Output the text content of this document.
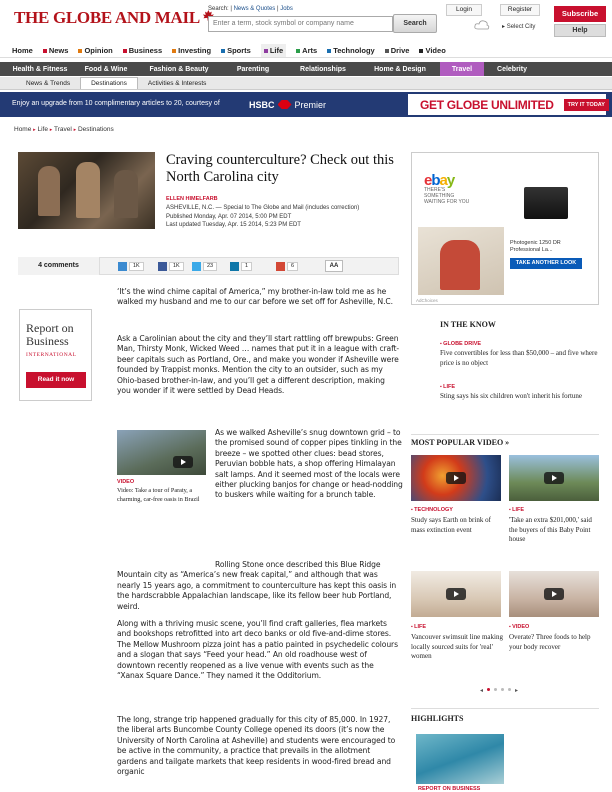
THE GLOBE AND MAIL	Search: | News & Quotes | Jobs
Enter a term, stock symbol or company name	Search
Login	Register
▸ Select City
Subscribe
Help
Home News Opinion Business Investing Sports	Life	Arts Technology Drive Video
Health & Fitness	Food & Wine	Fashion & Beauty	Parenting	Relationships	Home & Design	Travel	Celebrity
News & Trends	Destinations	Activities & Interests
Enjoy an upgrade from 10 complimentary articles to 20, courtesy of	HSBC Premier	GET GLOBE UNLIMITED	TRY IT TODAY
Home ▸ Life ▸ Travel ▸ Destinations
Craving counterculture? Check out this North Carolina city
ELLEN HIMELFARB
ASHEVILLE, N.C. — Special to The Globe and Mail (includes correction)
Published Monday, Apr. 07 2014, 5:00 PM EDT
Last updated Tuesday, Apr. 15 2014, 5:23 PM EDT
4 comments	1K	1K	23	1	6	AA
Report on Business
INTERNATIONAL
Read it now
‘It’s the wind chime capital of America,” my brother-in-law told me as he walked my husband and me to our car before we set off for Asheville, N.C.
Ask a Carolinian about the city and they’ll start rattling off brewpubs: Green Man, Thirsty Monk, Wicked Weed … names that put it in a league with craft-beer capitals such as Portland, Ore., and make you wonder if Asheville were founded by Trappist monks. Mention the city to an outsider, such as my Ohio-based brother-in-law, and you’ll get a different description, making you wonder if it were settled by Dead Heads.
As we walked Asheville’s snug downtown grid – to the promised sound of copper pipes tinkling in the breeze – we spotted other clues: bead stores, Peruvian bobble hats, a shop offering Himalayan salt lamps. And it seemed most of the locals were either plucking banjos for change or head-nodding to buskers while waiting for a brunch table.
Rolling Stone once described this Blue Ridge Mountain city as “America’s new freak capital,” and although that was nearly 15 years ago, a commitment to counterculture has kept this oasis in the hardscrabble Appalachian landscape, like its fellow beer hub Portland, weird.
Along with a thriving music scene, you’ll find craft galleries, flea markets and bookshops retrofitted into art deco banks or old five-and-dime stores. The Mellow Mushroom pizza joint has a patio painted in psychedelic colours and a slogan that says “Feed your head.” An old roadhouse west of downtown recently reopened as a live venue with events such as the “Xanax Square Dance.” They named it the Odditorium.
The long, strange trip happened gradually for this city of 85,000. In 1927, the liberal arts Buncombe County College opened its doors (it’s now the University of North Carolina at Asheville) and students were encouraged to be active in the community, a practice that prevails in the allotment gardens and tailgate markets that keep residents in wood-fired bread and organic
VIDEO
Video: Take a tour of Paraty, a charming, car-free oasis in Brazil
ebay
THERE'S SOMETHING WAITING FOR YOU
Photogenic 1250 DR Professional La...
TAKE ANOTHER LOOK
AdChoices
IN THE KNOW
▪ GLOBE DRIVE
Five convertibles for less than $50,000 – and five where price is no object
▪ LIFE
Sting says his six children won't inherit his fortune
MOST POPULAR VIDEO »
▪ TECHNOLOGY
Study says Earth on brink of mass extinction event
▪ LIFE
'Take an extra $201,000,' said the buyers of this Baby Point house
▪ LIFE
Vancouver swimsuit line making locally sourced suits for 'real' women
▪ VIDEO
Overate? Three foods to help your body recover
◂	▸
HIGHLIGHTS
REPORT ON BUSINESS
